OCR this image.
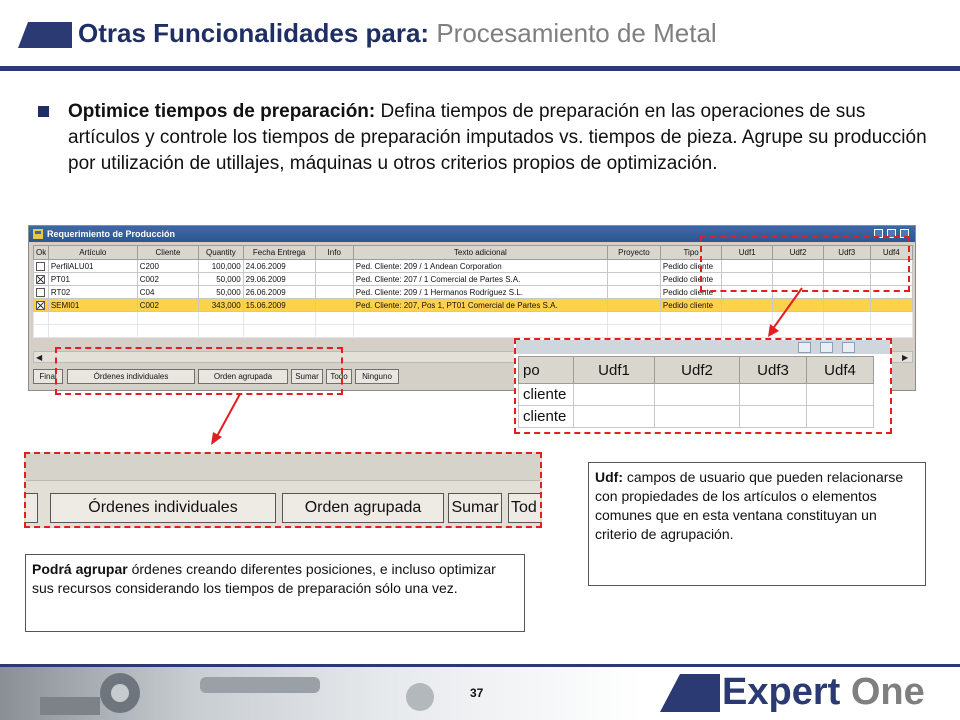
Otras Funcionalidades para: Procesamiento de Metal
Optimice tiempos de preparación: Defina tiempos de preparación en las operaciones de sus artículos y controle los tiempos de preparación imputados vs. tiempos de pieza. Agrupe su producción por utilización de utillajes, máquinas u otros criterios propios de optimización.
Requerimiento de Producción
Ok	Artículo	Cliente	Quantity	Fecha Entrega	Info	Texto adicional	Proyecto	Tipo	Udf1	Udf2	Udf3	Udf4
	PerfilALU01	C200	100,000	24.06.2009		Ped. Cliente: 209 / 1 Andean Corporation		Pedido cliente				
	PT01	C002	50,000	29.06.2009		Ped. Cliente: 207 / 1 Comercial de Partes S.A.		Pedido cliente				
	RT02	C04	50,000	26.06.2009		Ped. Cliente: 209 / 1 Hermanos Rodríguez S.L.		Pedido cliente				
	SEMI01	C002	343,000	15.06.2009		Ped. Cliente: 207, Pos 1, PT01 Comercial de Partes S.A.		Pedido cliente				

◀	▶
Final	Órdenes individuales	Orden agrupada	Sumar	Todo	Ninguno	po	Udf1	Udf2	Udf3	Udf4
cliente				
cliente				
Órdenes individuales	Orden agrupada	Sumar Tod
Udf: campos de usuario que pueden relacionarse con propiedades de los artículos o elementos comunes que en esta ventana constituyan un criterio de agrupación.
Podrá agrupar órdenes creando diferentes posiciones, e incluso optimizar sus recursos considerando los tiempos de preparación sólo una vez.
37	Expert One
